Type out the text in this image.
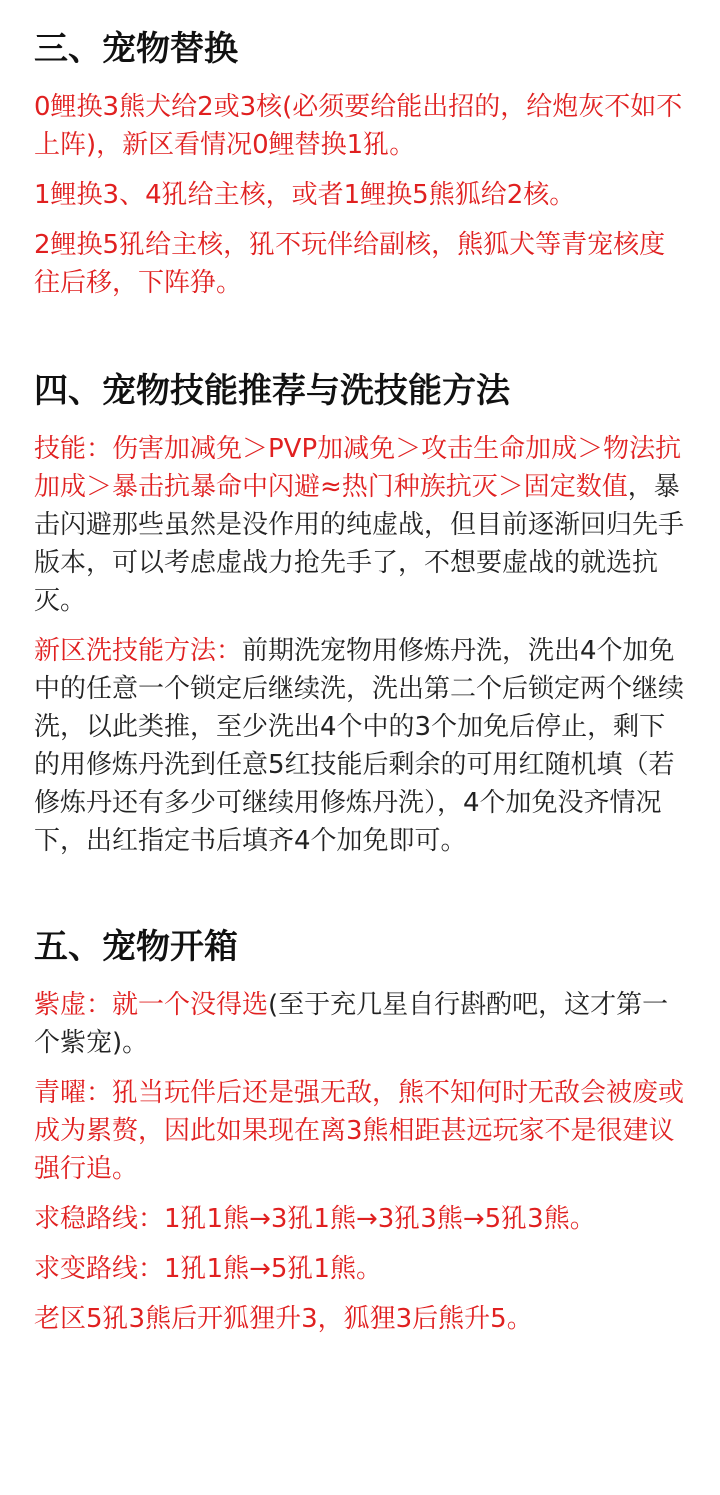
三、宠物替换

0鲤换3熊犬给2或3核(必须要给能出招的，给炮灰不如不上阵)，新区看情况0鲤替换1犼。

1鲤换3、4犼给主核，或者1鲤换5熊狐给2核。

2鲤换5犼给主核，犼不玩伴给副核，熊狐犬等青宠核度往后移，下阵狰。

四、宠物技能推荐与洗技能方法

技能：伤害加减免＞PVP加减免＞攻击生命加成＞物法抗加成＞暴击抗暴命中闪避≈热门种族抗灭＞固定数值，暴击闪避那些虽然是没作用的纯虚战，但目前逐渐回归先手版本，可以考虑虚战力抢先手了，不想要虚战的就选抗灭。

新区洗技能方法：前期洗宠物用修炼丹洗，洗出4个加免中的任意一个锁定后继续洗，洗出第二个后锁定两个继续洗，以此类推，至少洗出4个中的3个加免后停止，剩下的用修炼丹洗到任意5红技能后剩余的可用红随机填（若修炼丹还有多少可继续用修炼丹洗），4个加免没齐情况下，出红指定书后填齐4个加免即可。

五、宠物开箱

紫虚：就一个没得选(至于充几星自行斟酌吧，这才第一个紫宠)。

青曜：犼当玩伴后还是强无敌，熊不知何时无敌会被废或成为累赘，因此如果现在离3熊相距甚远玩家不是很建议强行追。

求稳路线：1犼1熊→3犼1熊→3犼3熊→5犼3熊。

求变路线：1犼1熊→5犼1熊。

老区5犼3熊后开狐狸升3，狐狸3后熊升5。
